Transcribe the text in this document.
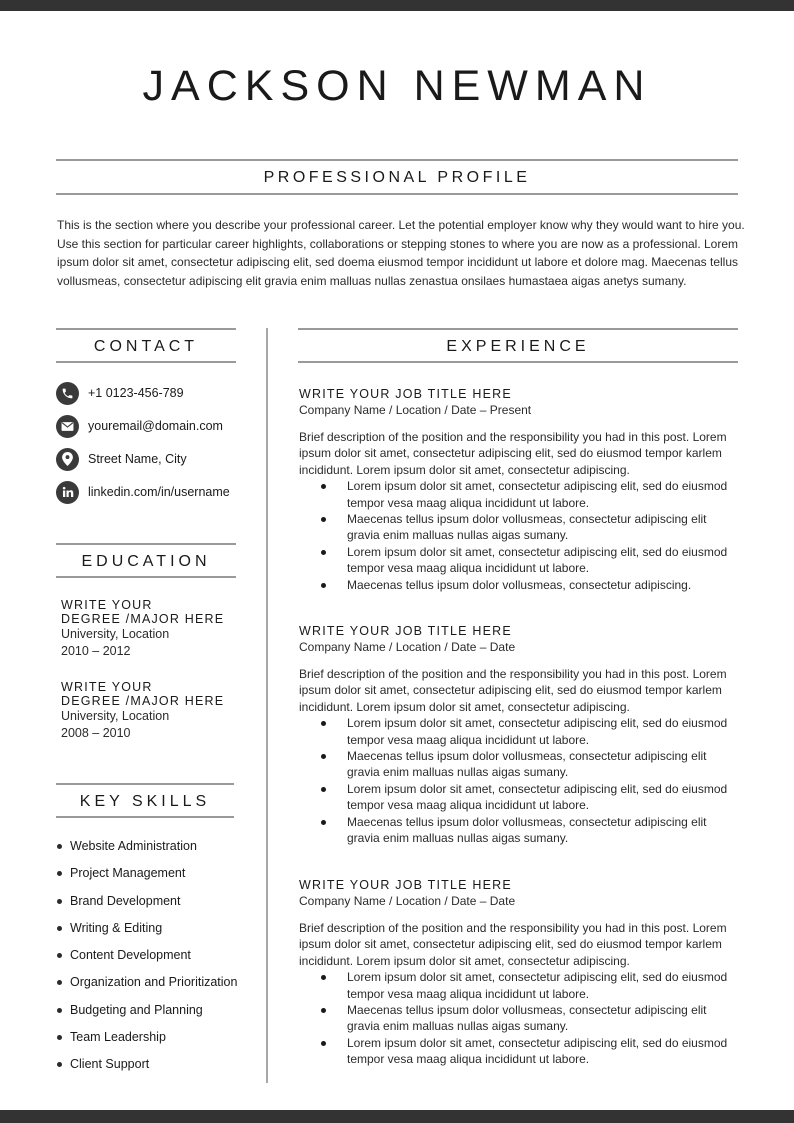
JACKSON NEWMAN
PROFESSIONAL PROFILE

This is the section where you describe your professional career. Let the potential employer know why they would want to hire you. Use this section for particular career highlights, collaborations or stepping stones to where you are now as a professional. Lorem ipsum dolor sit amet, consectetur adipiscing elit, sed doema eiusmod tempor incididunt ut labore et dolore mag. Maecenas tellus vollusmeas, consectetur adipiscing elit gravia enim malluas nullas zenastua onsilaes humastaea aigas anetys sumany.

CONTACT
+1 0123-456-789
youremail@domain.com
Street Name, City
linkedin.com/in/username
EDUCATION
WRITE YOUR
DEGREE /MAJOR HERE
University, Location
2010 – 2012
WRITE YOUR
DEGREE /MAJOR HERE
University, Location
2008 – 2010
KEY SKILLS
Website Administration
Project Management
Brand Development
Writing & Editing
Content Development
Organization and Prioritization
Budgeting and Planning
Team Leadership
Client Support
EXPERIENCE
WRITE YOUR JOB TITLE HERE
Company Name / Location / Date – Present

Brief description of the position and the responsibility you had in this post. Lorem ipsum dolor sit amet, consectetur adipiscing elit, sed do eiusmod tempor karlem incididunt. Lorem ipsum dolor sit amet, consectetur adipiscing.

Lorem ipsum dolor sit amet, consectetur adipiscing elit, sed do eiusmod tempor vesa maag aliqua incididunt ut labore.
Maecenas tellus ipsum dolor vollusmeas, consectetur adipiscing elit gravia enim malluas nullas aigas sumany.
Lorem ipsum dolor sit amet, consectetur adipiscing elit, sed do eiusmod tempor vesa maag aliqua incididunt ut labore.
Maecenas tellus ipsum dolor vollusmeas, consectetur adipiscing.
WRITE YOUR JOB TITLE HERE
Company Name / Location / Date – Date

Brief description of the position and the responsibility you had in this post. Lorem ipsum dolor sit amet, consectetur adipiscing elit, sed do eiusmod tempor karlem incididunt. Lorem ipsum dolor sit amet, consectetur adipiscing.

Lorem ipsum dolor sit amet, consectetur adipiscing elit, sed do eiusmod tempor vesa maag aliqua incididunt ut labore.
Maecenas tellus ipsum dolor vollusmeas, consectetur adipiscing elit gravia enim malluas nullas aigas sumany.
Lorem ipsum dolor sit amet, consectetur adipiscing elit, sed do eiusmod tempor vesa maag aliqua incididunt ut labore.
Maecenas tellus ipsum dolor vollusmeas, consectetur adipiscing elit gravia enim malluas nullas aigas sumany.
WRITE YOUR JOB TITLE HERE
Company Name / Location / Date – Date

Brief description of the position and the responsibility you had in this post. Lorem ipsum dolor sit amet, consectetur adipiscing elit, sed do eiusmod tempor karlem incididunt. Lorem ipsum dolor sit amet, consectetur adipiscing.

Lorem ipsum dolor sit amet, consectetur adipiscing elit, sed do eiusmod tempor vesa maag aliqua incididunt ut labore.
Maecenas tellus ipsum dolor vollusmeas, consectetur adipiscing elit gravia enim malluas nullas aigas sumany.
Lorem ipsum dolor sit amet, consectetur adipiscing elit, sed do eiusmod tempor vesa maag aliqua incididunt ut labore.
